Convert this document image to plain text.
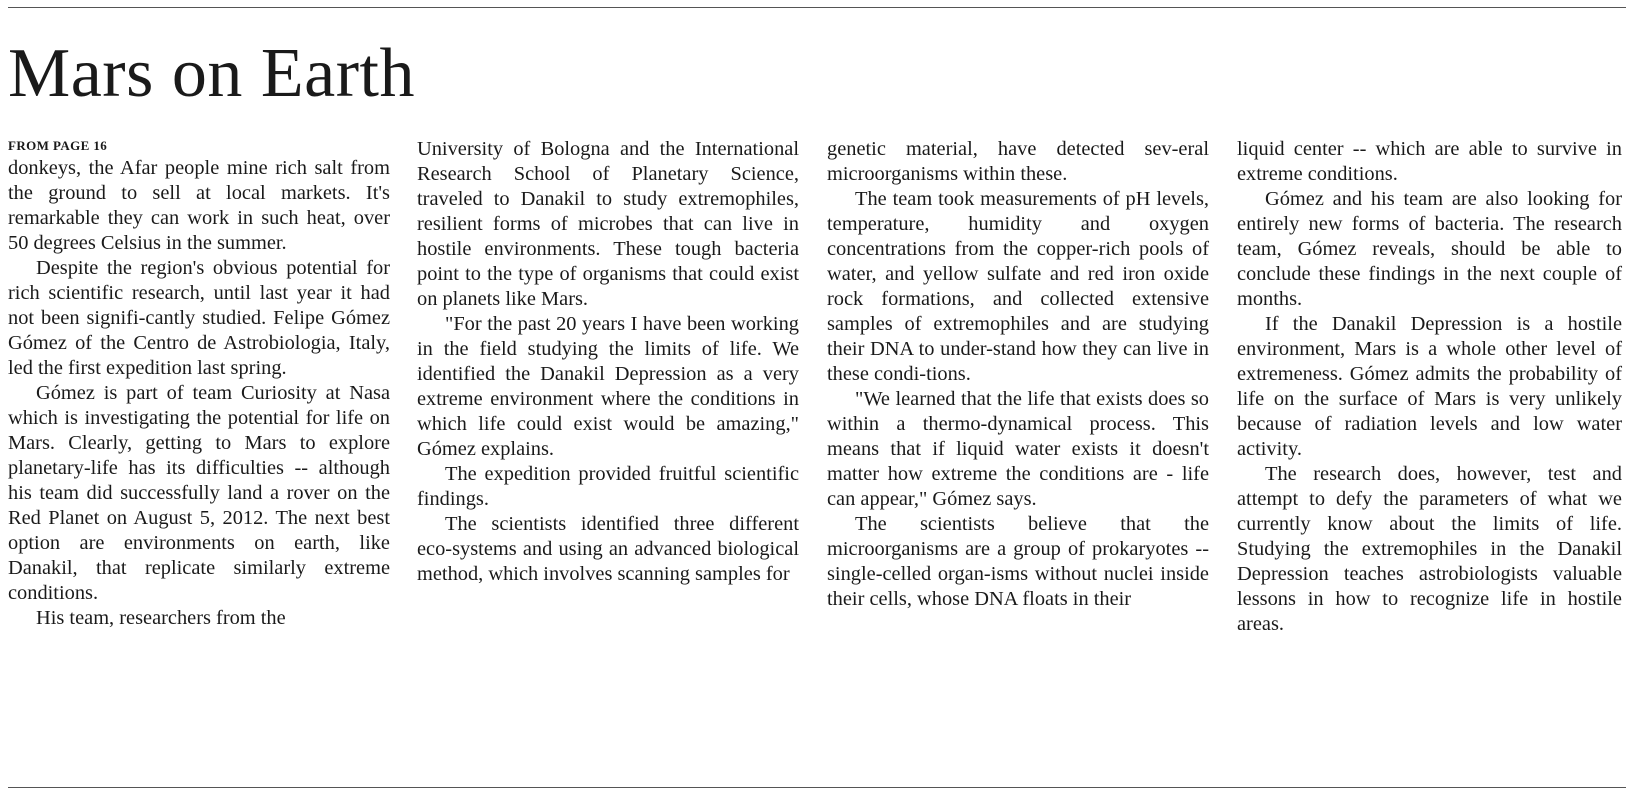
Mars on Earth
FROM PAGE 16

donkeys, the Afar people mine rich salt from the ground to sell at local markets. It's remarkable they can work in such heat, over 50 degrees Celsius in the summer.

Despite the region's obvious potential for rich scientific research, until last year it had not been signifi-cantly studied. Felipe Gómez Gómez of the Centro de Astrobiologia, Italy, led the first expedition last spring.

Gómez is part of team Curiosity at Nasa which is investigating the potential for life on Mars. Clearly, getting to Mars to explore planetary-life has its difficulties -- although his team did successfully land a rover on the Red Planet on August 5, 2012. The next best option are environments on earth, like Danakil, that replicate similarly extreme conditions.

His team, researchers from the

University of Bologna and the International Research School of Planetary Science, traveled to Danakil to study extremophiles, resilient forms of microbes that can live in hostile environments. These tough bacteria point to the type of organisms that could exist on planets like Mars.

"For the past 20 years I have been working in the field studying the limits of life. We identified the Danakil Depression as a very extreme environment where the conditions in which life could exist would be amazing," Gómez explains.

The expedition provided fruitful scientific findings.

The scientists identified three different eco-systems and using an advanced biological method, which involves scanning samples for

genetic material, have detected sev-eral microorganisms within these.

The team took measurements of pH levels, temperature, humidity and oxygen concentrations from the copper-rich pools of water, and yellow sulfate and red iron oxide rock formations, and collected extensive samples of extremophiles and are studying their DNA to under-stand how they can live in these condi-tions.

"We learned that the life that exists does so within a thermo-dynamical process. This means that if liquid water exists it doesn't matter how extreme the conditions are - life can appear," Gómez says.

The scientists believe that the microorganisms are a group of prokaryotes -- single-celled organ-isms without nuclei inside their cells, whose DNA floats in their

liquid center -- which are able to survive in extreme conditions.

Gómez and his team are also looking for entirely new forms of bacteria. The research team, Gómez reveals, should be able to conclude these findings in the next couple of months.

If the Danakil Depression is a hostile environment, Mars is a whole other level of extremeness. Gómez admits the probability of life on the surface of Mars is very unlikely because of radiation levels and low water activity.

The research does, however, test and attempt to defy the parameters of what we currently know about the limits of life. Studying the extremophiles in the Danakil Depression teaches astrobiologists valuable lessons in how to recognize life in hostile areas.
